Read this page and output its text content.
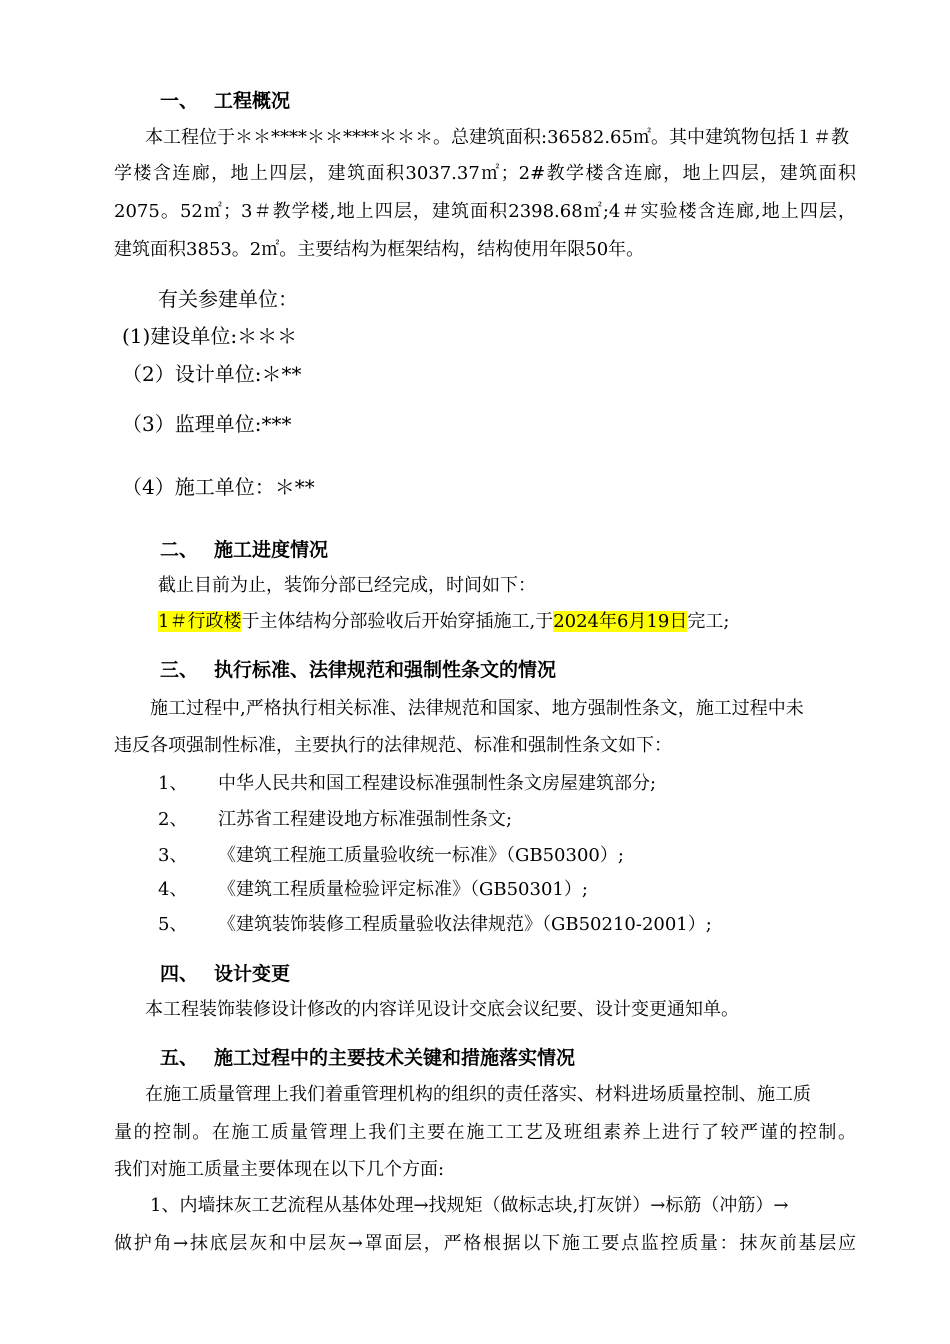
一、 工程概况
本工程位于＊＊****＊＊****＊＊＊。总建筑面积:36582.65㎡。其中建筑物包括１＃教
学楼含连廊，地上四层，建筑面积3037.37㎡；2#教学楼含连廊，地上四层，建筑面积
2075。52㎡；3＃教学楼,地上四层，建筑面积2398.68㎡;4＃实验楼含连廊,地上四层，
建筑面积3853。2㎡。主要结构为框架结构，结构使用年限50年。
有关参建单位：
(1)建设单位:＊＊＊
（2）设计单位:＊**
（3）监理单位:***
（4）施工单位：＊**
二、 施工进度情况
截止目前为止，装饰分部已经完成，时间如下：
1＃行政楼于主体结构分部验收后开始穿插施工,于2024年6月19日完工;
三、 执行标准、法律规范和强制性条文的情况
施工过程中,严格执行相关标准、法律规范和国家、地方强制性条文，施工过程中未
违反各项强制性标准，主要执行的法律规范、标准和强制性条文如下：
1、 中华人民共和国工程建设标准强制性条文房屋建筑部分;
2、 江苏省工程建设地方标准强制性条文;
3、 《建筑工程施工质量验收统一标准》（GB50300）;
4、 《建筑工程质量检验评定标准》（GB50301）;
5、 《建筑装饰装修工程质量验收法律规范》（GB50210-2001）;
四、 设计变更
本工程装饰装修设计修改的内容详见设计交底会议纪要、设计变更通知单。
五、 施工过程中的主要技术关键和措施落实情况
在施工质量管理上我们着重管理机构的组织的责任落实、材料进场质量控制、施工质
量的控制。在施工质量管理上我们主要在施工工艺及班组素养上进行了较严谨的控制。
我们对施工质量主要体现在以下几个方面:
1、内墙抹灰工艺流程从基体处理→找规矩（做标志块,打灰饼）→标筋（冲筋）→
做护角→抹底层灰和中层灰→罩面层，严格根据以下施工要点监控质量：抹灰前基层应
